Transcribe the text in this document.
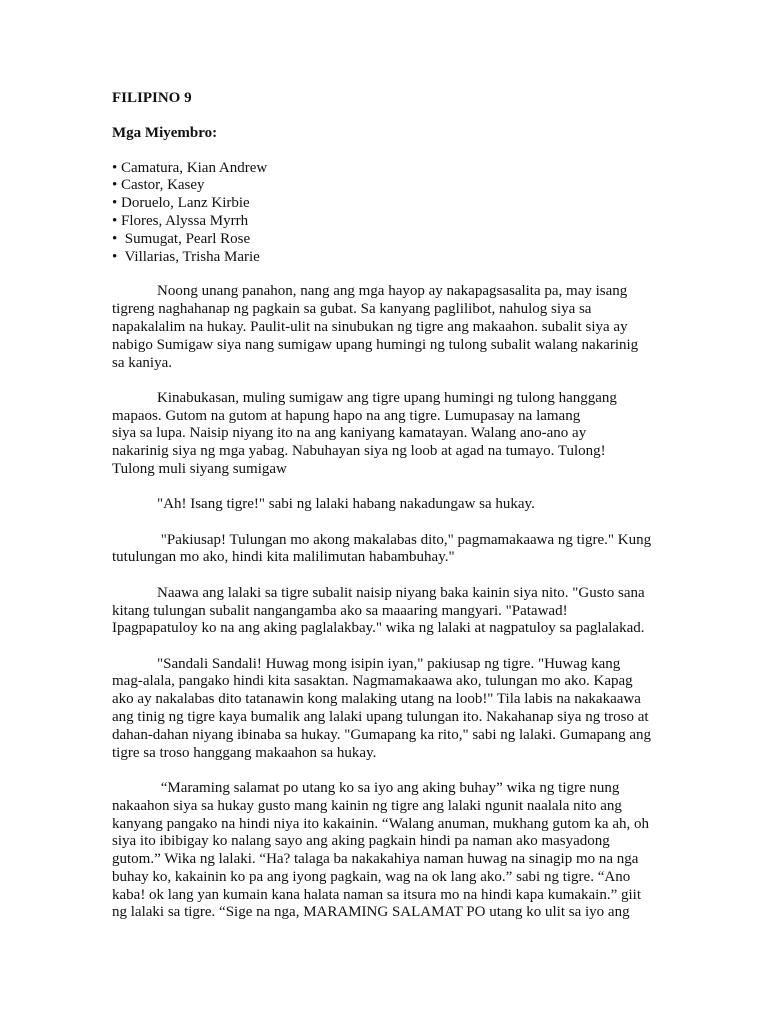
FILIPINO 9
Mga Miyembro:
• Camatura, Kian Andrew
• Castor, Kasey
• Doruelo, Lanz Kirbie
• Flores, Alyssa Myrrh
•  Sumugat, Pearl Rose
•  Villarias, Trisha Marie
Noong unang panahon, nang ang mga hayop ay nakapagsasalita pa, may isang
tigreng naghahanap ng pagkain sa gubat. Sa kanyang paglilibot, nahulog siya sa
napakalalim na hukay. Paulit-ulit na sinubukan ng tigre ang makaahon. subalit siya ay
nabigo Sumigaw siya nang sumigaw upang humingi ng tulong subalit walang nakarinig
sa kaniya.
Kinabukasan, muling sumigaw ang tigre upang humingi ng tulong hanggang
mapaos. Gutom na gutom at hapung hapo na ang tigre. Lumupasay na lamang
siya sa lupa. Naisip niyang ito na ang kaniyang kamatayan. Walang ano-ano ay
nakarinig siya ng mga yabag. Nabuhayan siya ng loob at agad na tumayo. Tulong!
Tulong muli siyang sumigaw
"Ah! Isang tigre!" sabi ng lalaki habang nakadungaw sa hukay.
"Pakiusap! Tulungan mo akong makalabas dito," pagmamakaawa ng tigre." Kung
tutulungan mo ako, hindi kita malilimutan habambuhay."
Naawa ang lalaki sa tigre subalit naisip niyang baka kainin siya nito. "Gusto sana
kitang tulungan subalit nangangamba ako sa maaaring mangyari. "Patawad!
Ipagpapatuloy ko na ang aking paglalakbay." wika ng lalaki at nagpatuloy sa paglalakad.
"Sandali Sandali! Huwag mong isipin iyan," pakiusap ng tigre. "Huwag kang
mag-alala, pangako hindi kita sasaktan. Nagmamakaawa ako, tulungan mo ako. Kapag
ako ay nakalabas dito tatanawin kong malaking utang na loob!" Tila labis na nakakaawa
ang tinig ng tigre kaya bumalik ang lalaki upang tulungan ito. Nakahanap siya ng troso at
dahan-dahan niyang ibinaba sa hukay. "Gumapang ka rito," sabi ng lalaki. Gumapang ang
tigre sa troso hanggang makaahon sa hukay.
“Maraming salamat po utang ko sa iyo ang aking buhay” wika ng tigre nung
nakaahon siya sa hukay gusto mang kainin ng tigre ang lalaki ngunit naalala nito ang
kanyang pangako na hindi niya ito kakainin. “Walang anuman, mukhang gutom ka ah, oh
siya ito ibibigay ko nalang sayo ang aking pagkain hindi pa naman ako masyadong
gutom.” Wika ng lalaki. “Ha? talaga ba nakakahiya naman huwag na sinagip mo na nga
buhay ko, kakainin ko pa ang iyong pagkain, wag na ok lang ako.” sabi ng tigre. “Ano
kaba! ok lang yan kumain kana halata naman sa itsura mo na hindi kapa kumakain.” giit
ng lalaki sa tigre. “Sige na nga, MARAMING SALAMAT PO utang ko ulit sa iyo ang
